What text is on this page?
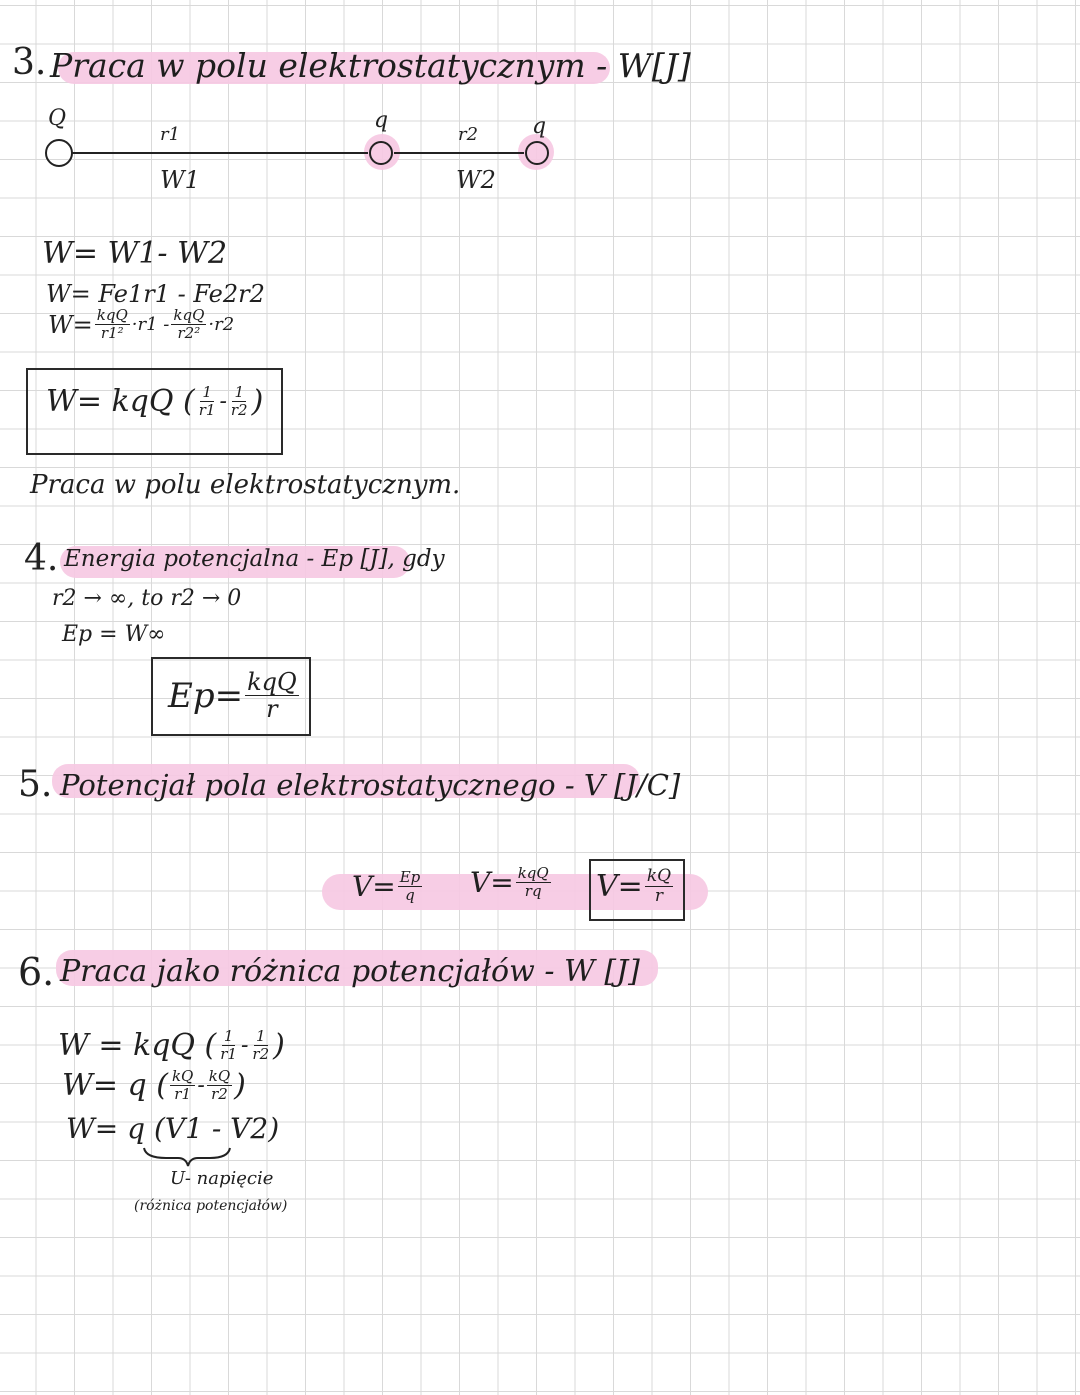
3. Praca w polu elektrostatycznym - W[J]
Q
r1
q
r2 q
W1	W2
W= W1- W2
W= Fe1r1 - Fe2r2
$W= \frac{\text{kqQ}}{\text{r1²}} \cdot r1 - \frac{\text{kqQ}}{\text{r2²}} \cdot r2$
W= kqQ ( $\frac{1}{r1} - \frac{1}{r2}$ )
Praca w polu elektrostatycznym.
4. Energia potencjalna - Ep [J], gdy
r2 → ∞, to r2 → 0
Ep = W∞
$Ep= \frac{\text{kqQ}}{r}$
5. Potencjał pola elektrostatycznego - V [J/C]
$V= \frac{Ep}{q} V= \frac{\text{kqQ}}{rq} V= \frac{kQ}{r}$
6. Praca jako różnica potencjałów - W [J]
W = kqQ ( $\frac{1}{r1} - \frac{1}{r2}$ )
W= q ( $\frac{kQ}{r1} - \frac{kQ}{r2}$ )
W= q (V1 - V2)
U- napięcie
(różnica potencjałów)
